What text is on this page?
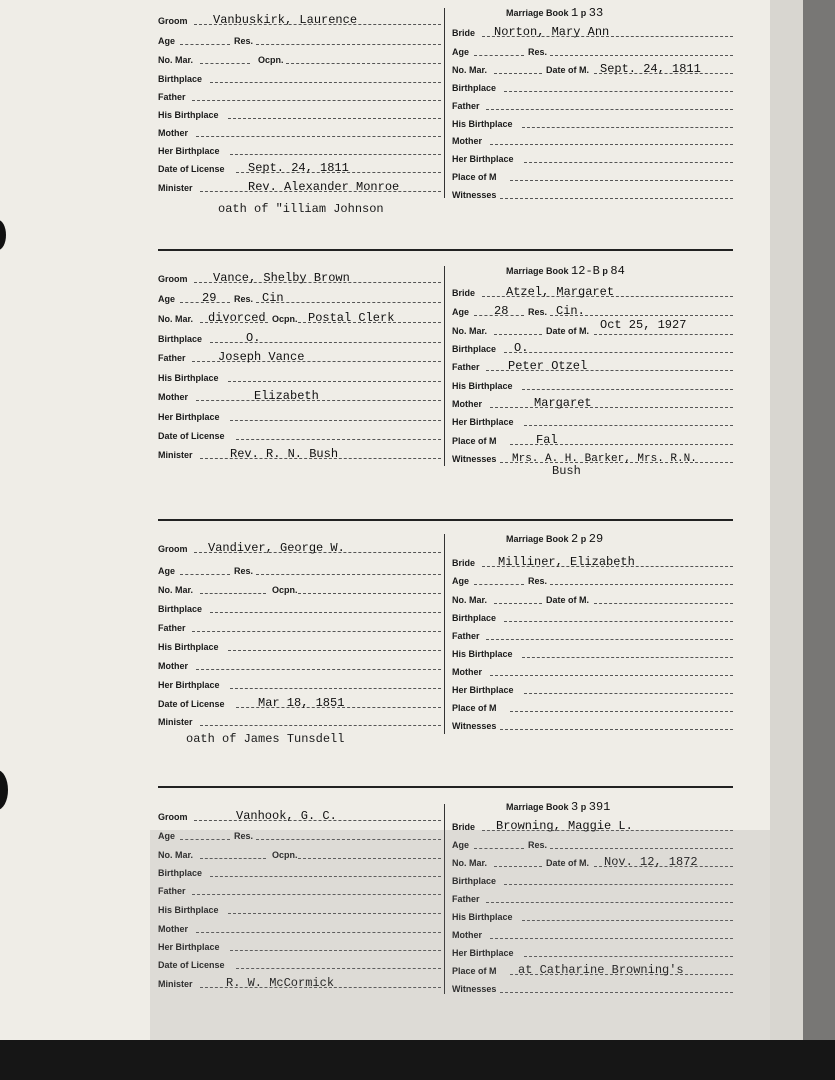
Groom Vanbuskirk, Laurence
Age	Res.
No. Mar.	Ocpn.
Birthplace
Father
His Birthplace
Mother
Her Birthplace
Date of License Sept. 24, 1811
Minister	Rev. Alexander Monroe
oath of "illiam Johnson
Marriage Book 1 p 33
Bride Norton, Mary Ann
Age	Res.
No. Mar.	Date of M. Sept. 24, 1811
Birthplace
Father
His Birthplace
Mother
Her Birthplace
Place of M
Witnesses
Groom Vance, Shelby Brown
Age 29 Res. Cin
No. Mar. divorced Ocpn. Postal Clerk
Birthplace	O.
Father	Joseph Vance
His Birthplace
Mother	Elizabeth
Her Birthplace
Date of License
Minister	Rev. R. N. Bush
Marriage Book 12-B p 84
Bride	Atzel, Margaret
Age 28 Res. Cin.
No. Mar.	Date of M. Oct 25, 1927
Birthplace O.
Father Peter Otzel
His Birthplace
Mother	Margaret
Her Birthplace
Place of M	Fal
Witnesses Mrs. A. H. Barker, Mrs. R.N.
Bush
Groom Vandiver, George W.
Age	Res.
No. Mar.	Ocpn.
Birthplace
Father
His Birthplace
Mother
Her Birthplace
Date of License	Mar 18, 1851
Minister
oath of James Tunsdell
Marriage Book 2 p 29
Bride Milliner, Elizabeth
Age	Res.
No. Mar.	Date of M.
Birthplace
Father
His Birthplace
Mother
Her Birthplace
Place of M
Witnesses
Groom	Vanhook, G. C.
Age	Res.
No. Mar.	Ocpn.
Birthplace
Father
His Birthplace
Mother
Her Birthplace
Date of License
Minister	R. W. McCormick
Marriage Book 3 p 391
Bride Browning, Maggie L.
Age	Res.
No. Mar.	Date of M. Nov. 12, 1872
Birthplace
Father
His Birthplace
Mother
Her Birthplace
Place of M at Catharine Browning's
Witnesses
